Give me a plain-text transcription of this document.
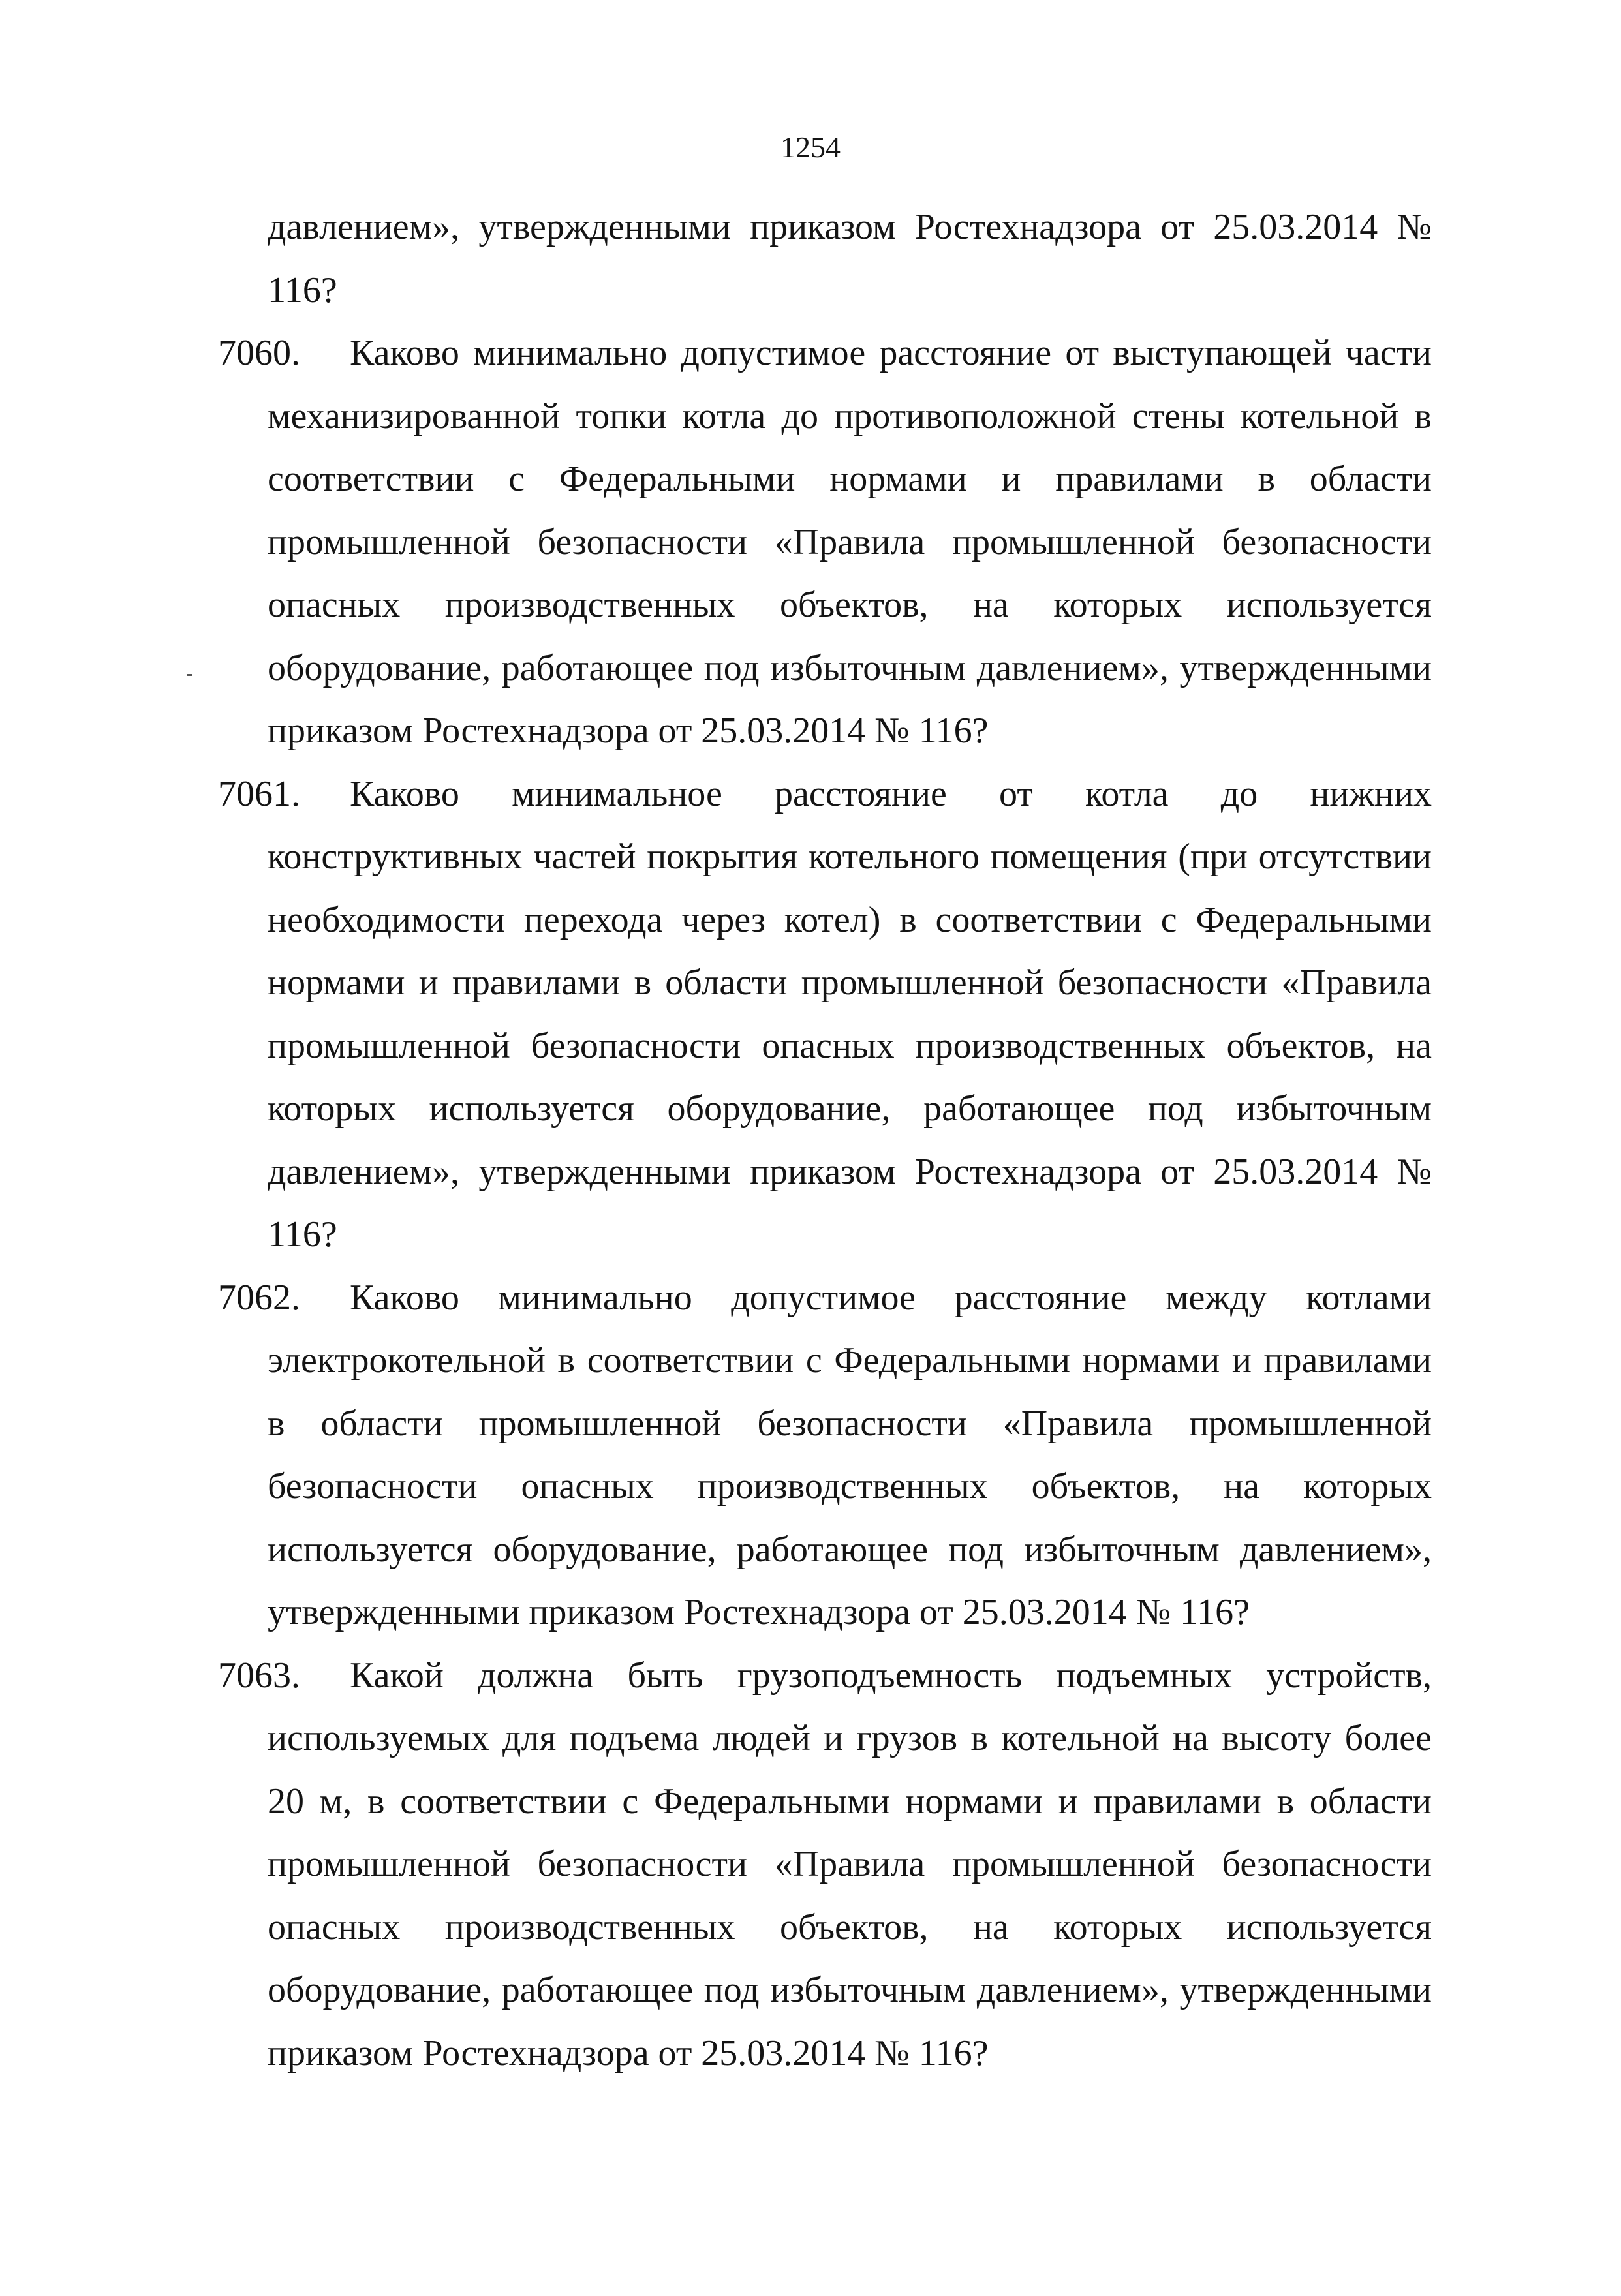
1254

давлением», утвержденными приказом Ростехнадзора от 25.03.2014 № 116?

7060.	Каково минимально допустимое расстояние от выступающей части механизированной топки котла до противоположной стены котельной в соответствии с Федеральными нормами и правилами в области промышленной безопасности «Правила промышленной безопасности опасных производственных объектов, на которых используется оборудование, работающее под избыточным давлением», утвержденными приказом Ростехнадзора от 25.03.2014 № 116?

7061.	Каково минимальное расстояние от котла до нижних конструктивных частей покрытия котельного помещения (при отсутствии необходимости перехода через котел) в соответствии с Федеральными нормами и правилами в области промышленной безопасности «Правила промышленной безопасности опасных производственных объектов, на которых используется оборудование, работающее под избыточным давлением», утвержденными приказом Ростехнадзора от 25.03.2014 № 116?

7062.	Каково минимально допустимое расстояние между котлами электрокотельной в соответствии с Федеральными нормами и правилами в области промышленной безопасности «Правила промышленной безопасности опасных производственных объектов, на которых используется оборудование, работающее под избыточным давлением», утвержденными приказом Ростехнадзора от 25.03.2014 № 116?

7063.	Какой должна быть грузоподъемность подъемных устройств, используемых для подъема людей и грузов в котельной на высоту более 20 м, в соответствии с Федеральными нормами и правилами в области промышленной безопасности «Правила промышленной безопасности опасных производственных объектов, на которых используется оборудование, работающее под избыточным давлением», утвержденными приказом Ростехнадзора от 25.03.2014 № 116?
